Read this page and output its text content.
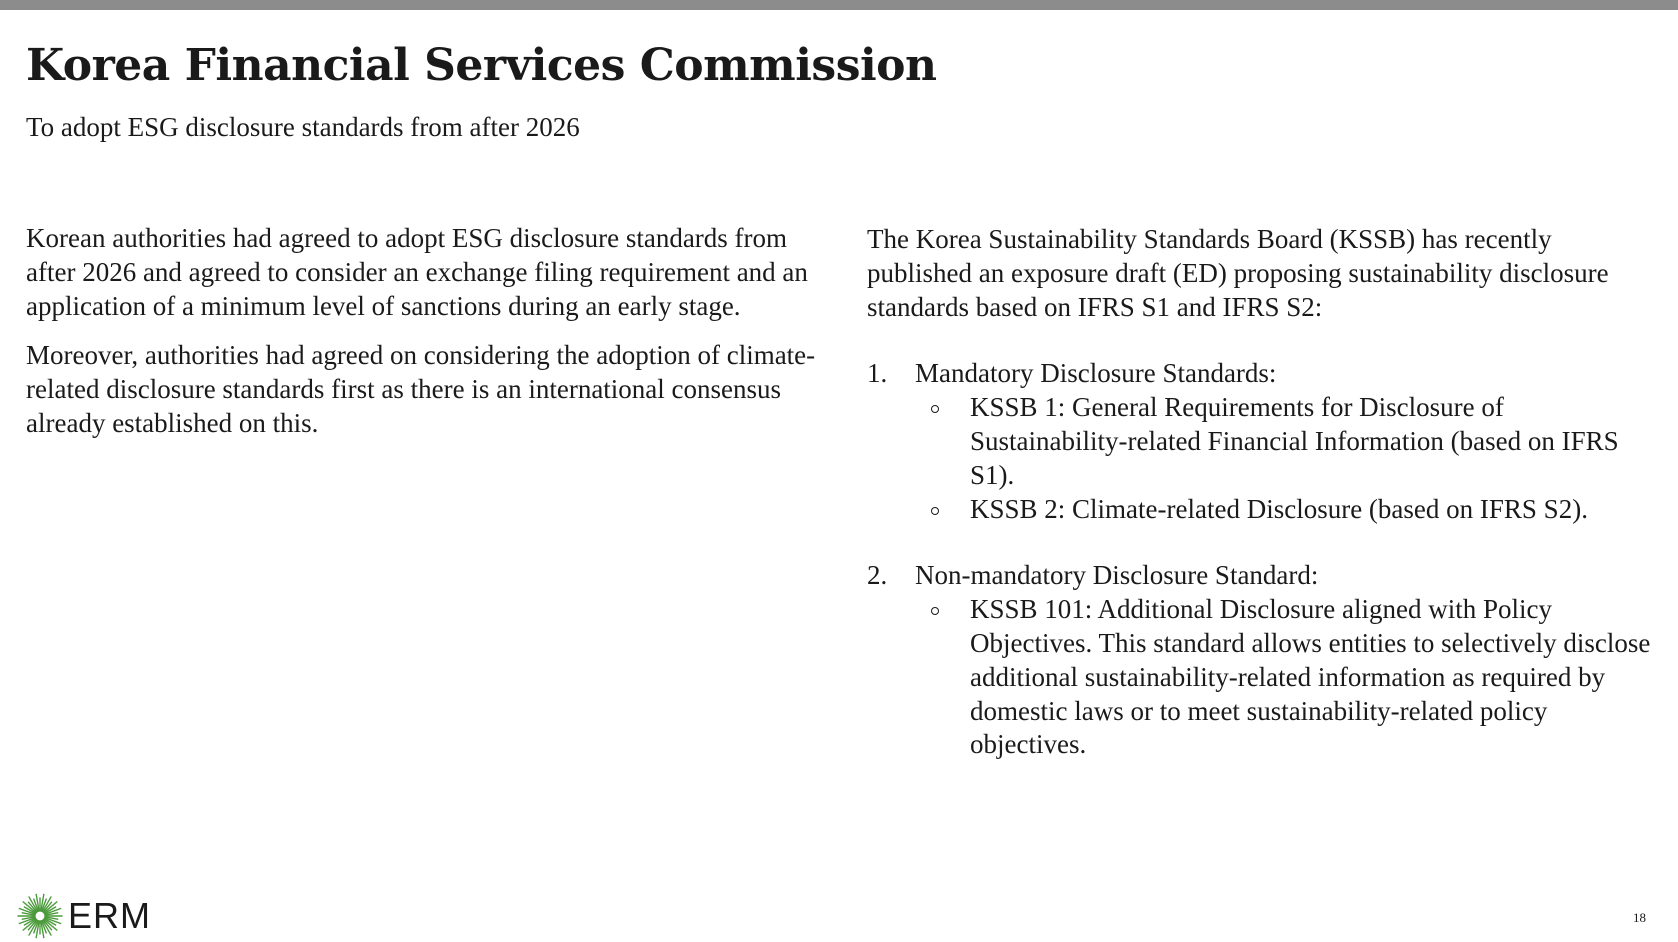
Korea Financial Services Commission

To adopt ESG disclosure standards from after 2026

Korean authorities had agreed to adopt ESG disclosure standards from after 2026 and agreed to consider an exchange filing requirement and an application of a minimum level of sanctions during an early stage.

Moreover, authorities had agreed on considering the adoption of climate-related disclosure standards first as there is an international consensus already established on this.

The Korea Sustainability Standards Board (KSSB) has recently published an exposure draft (ED) proposing sustainability disclosure standards based on IFRS S1 and IFRS S2:

1. Mandatory Disclosure Standards:
KSSB 1: General Requirements for Disclosure of Sustainability-related Financial Information (based on IFRS S1).
KSSB 2: Climate-related Disclosure (based on IFRS S2).
2. Non-mandatory Disclosure Standard:
KSSB 101: Additional Disclosure aligned with Policy Objectives. This standard allows entities to selectively disclose additional sustainability-related information as required by domestic laws or to meet sustainability-related policy objectives.
ERM	18
